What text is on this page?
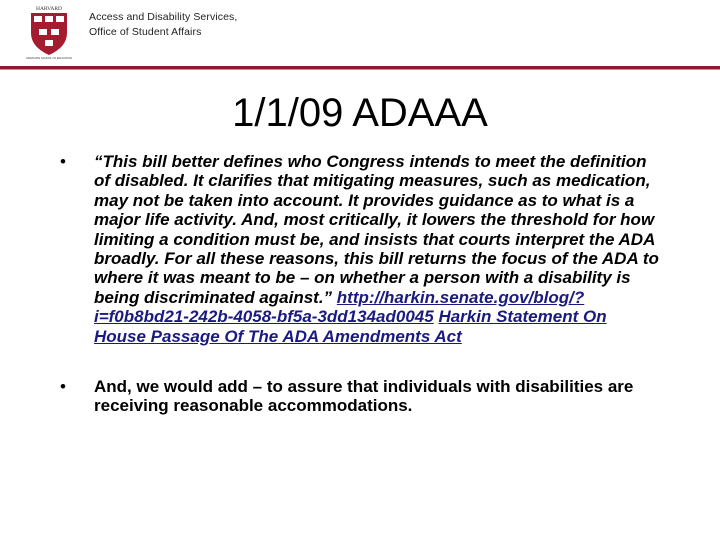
HARVARD
GRADUATE SCHOOL OF EDUCATION
Access and Disability Services,
Office of Student Affairs
1/1/09 ADAAA
• “This bill better defines who Congress intends to meet the definition of disabled. It clarifies that mitigating measures, such as medication, may not be taken into account. It provides guidance as to what is a major life activity. And, most critically, it lowers the threshold for how limiting a condition must be, and insists that courts interpret the ADA broadly. For all these reasons, this bill returns the focus of the ADA to where it was meant to be – on whether a person with a disability is being discriminated against.” http://harkin.senate.gov/blog/?i=f0b8bd21-242b-4058-bf5a-3dd134ad0045 Harkin Statement On House Passage Of The ADA Amendments Act
• And, we would add – to assure that individuals with disabilities are receiving reasonable accommodations.
